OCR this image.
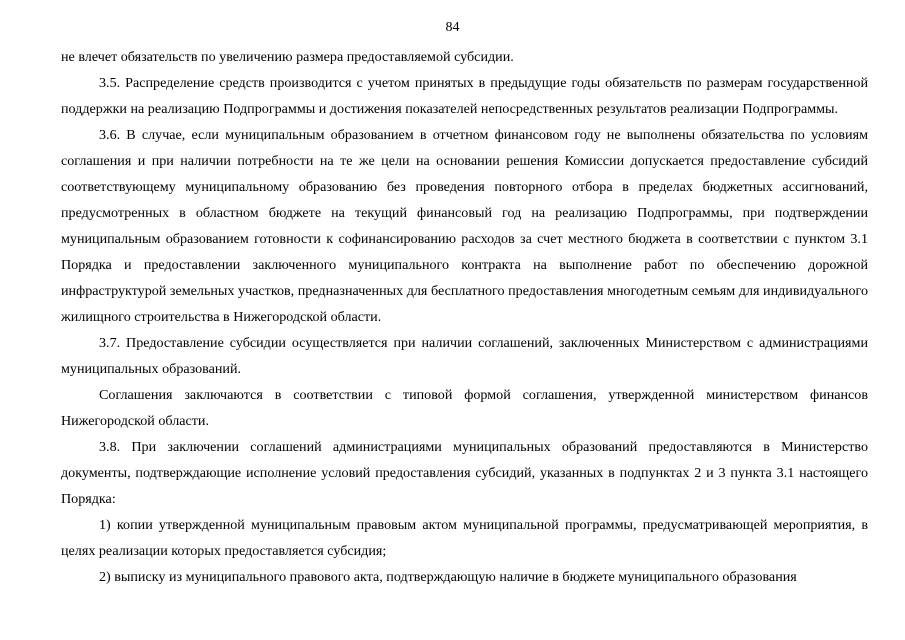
84

не влечет обязательств по увеличению размера предоставляемой субсидии.

3.5. Распределение средств производится с учетом принятых в предыдущие годы обязательств по размерам государственной поддержки на реализацию Подпрограммы и достижения показателей непосредственных результатов реализации Подпрограммы.

3.6. В случае, если муниципальным образованием в отчетном финансовом году не выполнены обязательства по условиям соглашения и при наличии потребности на те же цели на основании решения Комиссии допускается предоставление субсидий соответствующему муниципальному образованию без проведения повторного отбора в пределах бюджетных ассигнований, предусмотренных в областном бюджете на текущий финансовый год на реализацию Подпрограммы, при подтверждении муниципальным образованием готовности к софинансированию расходов за счет местного бюджета в соответствии с пунктом 3.1 Порядка и предоставлении заключенного муниципального контракта на выполнение работ по обеспечению дорожной инфраструктурой земельных участков, предназначенных для бесплатного предоставления многодетным семьям для индивидуального жилищного строительства в Нижегородской области.

3.7. Предоставление субсидии осуществляется при наличии соглашений, заключенных Министерством с администрациями муниципальных образований.

Соглашения заключаются в соответствии с типовой формой соглашения, утвержденной министерством финансов Нижегородской области.

3.8. При заключении соглашений администрациями муниципальных образований предоставляются в Министерство документы, подтверждающие исполнение условий предоставления субсидий, указанных в подпунктах 2 и 3 пункта 3.1 настоящего Порядка:

1) копии утвержденной муниципальным правовым актом муниципальной программы, предусматривающей мероприятия, в целях реализации которых предоставляется субсидия;

2) выписку из муниципального правового акта, подтверждающую наличие в бюджете муниципального образования
